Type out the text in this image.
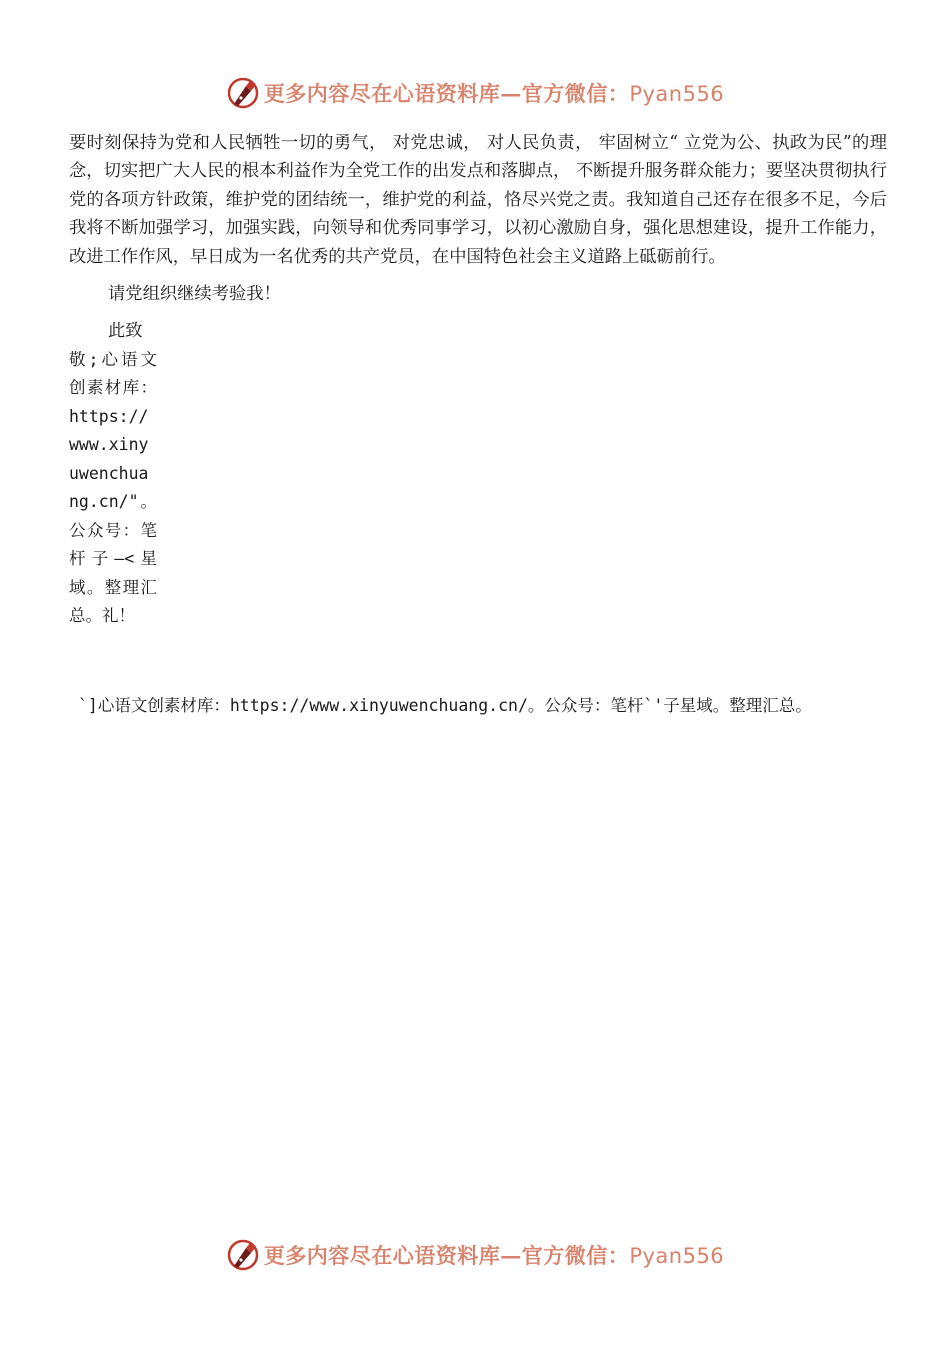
更多内容尽在心语资料库—官方微信：Pyan556

要时刻保持为党和人民牺牲一切的勇气， 对党忠诚， 对人民负责， 牢固树立“ 立党为公、执政为民”的理念，切实把广大人民的根本利益作为全党工作的出发点和落脚点， 不断提升服务群众能力；要坚决贯彻执行党的各项方针政策，维护党的团结统一，维护党的利益，恪尽兴党之责。我知道自己还存在很多不足，今后我将不断加强学习，加强实践，向领导和优秀同事学习，以初心激励自身，强化思想建设，提升工作能力，改进工作作风，早日成为一名优秀的共产党员，在中国特色社会主义道路上砥砺前行。

请党组织继续考验我！

此致

敬;心语文创素材库：https://www.xinyuwenchuang.cn/"。公众号：笔杆子—<星域。整理汇总。礼！

`]心语文创素材库：https://www.xinyuwenchuang.cn/。公众号：笔杆`'子星域。整理汇总。
更多内容尽在心语资料库—官方微信：Pyan556
